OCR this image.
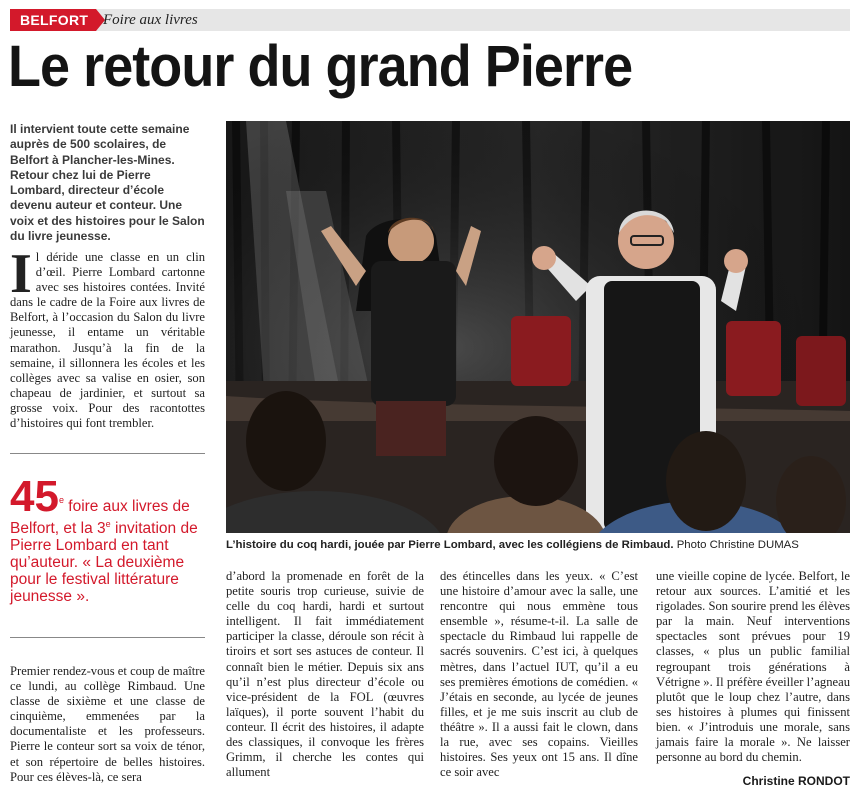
BELFORT Foire aux livres
Le retour du grand Pierre

Il intervient toute cette semaine auprès de 500 scolaires, de Belfort à Plancher-les-Mines. Retour chez lui de Pierre Lombard, directeur d’école devenu auteur et conteur. Une voix et des histoires pour le Salon du livre jeunesse.

Il déride une classe en un clin d’œil. Pierre Lombard cartonne avec ses histoires contées. Invité dans le cadre de la Foire aux livres de Belfort, à l’occasion du Salon du livre jeunesse, il entame un véritable marathon. Jusqu’à la fin de la semaine, il sillonnera les écoles et les collèges avec sa valise en osier, son chapeau de jardinier, et surtout sa grosse voix. Pour des racontottes d’histoires qui font trembler.
45e foire aux livres de Belfort, et la 3e invitation de Pierre Lombard en tant qu’auteur. « La deuxième pour le festival littérature jeunesse ».
Premier rendez-vous et coup de maître ce lundi, au collège Rimbaud. Une classe de sixième et une classe de cinquième, emmenées par la documentaliste et les professeurs. Pierre le conteur sort sa voix de ténor, et son répertoire de belles histoires. Pour ces élèves-là, ce sera
L’histoire du coq hardi, jouée par Pierre Lombard, avec les collégiens de Rimbaud. Photo Christine DUMAS
d’abord la promenade en forêt de la petite souris trop curieuse, suivie de celle du coq hardi, hardi et surtout intelligent. Il fait immédiatement participer la classe, déroule son récit à tiroirs et sort ses astuces de conteur. Il connaît bien le métier. Depuis six ans qu’il n’est plus directeur d’école ou vice-président de la FOL (œuvres laïques), il porte souvent l’habit du conteur. Il écrit des histoires, il adapte des classiques, il convoque les frères Grimm, il cherche les contes qui allument
des étincelles dans les yeux. « C’est une histoire d’amour avec la salle, une rencontre qui nous emmène tous ensemble », résume-t-il. La salle de spectacle du Rimbaud lui rappelle de sacrés souvenirs. C’est ici, à quelques mètres, dans l’actuel IUT, qu’il a eu ses premières émotions de comédien. « J’étais en seconde, au lycée de jeunes filles, et je me suis inscrit au club de théâtre ». Il a aussi fait le clown, dans la rue, avec ses copains. Vieilles histoires. Ses yeux ont 15 ans. Il dîne ce soir avec
une vieille copine de lycée. Belfort, le retour aux sources. L’amitié et les rigolades. Son sourire prend les élèves par la main. Neuf interventions spectacles sont prévues pour 19 classes, « plus un public familial regroupant trois générations à Vétrigne ». Il préfère éveiller l’agneau plutôt que le loup chez l’autre, dans ses histoires à plumes qui finissent bien. « J’introduis une morale, sans jamais faire la morale ». Ne laisser personne au bord du chemin.
Christine RONDOT
